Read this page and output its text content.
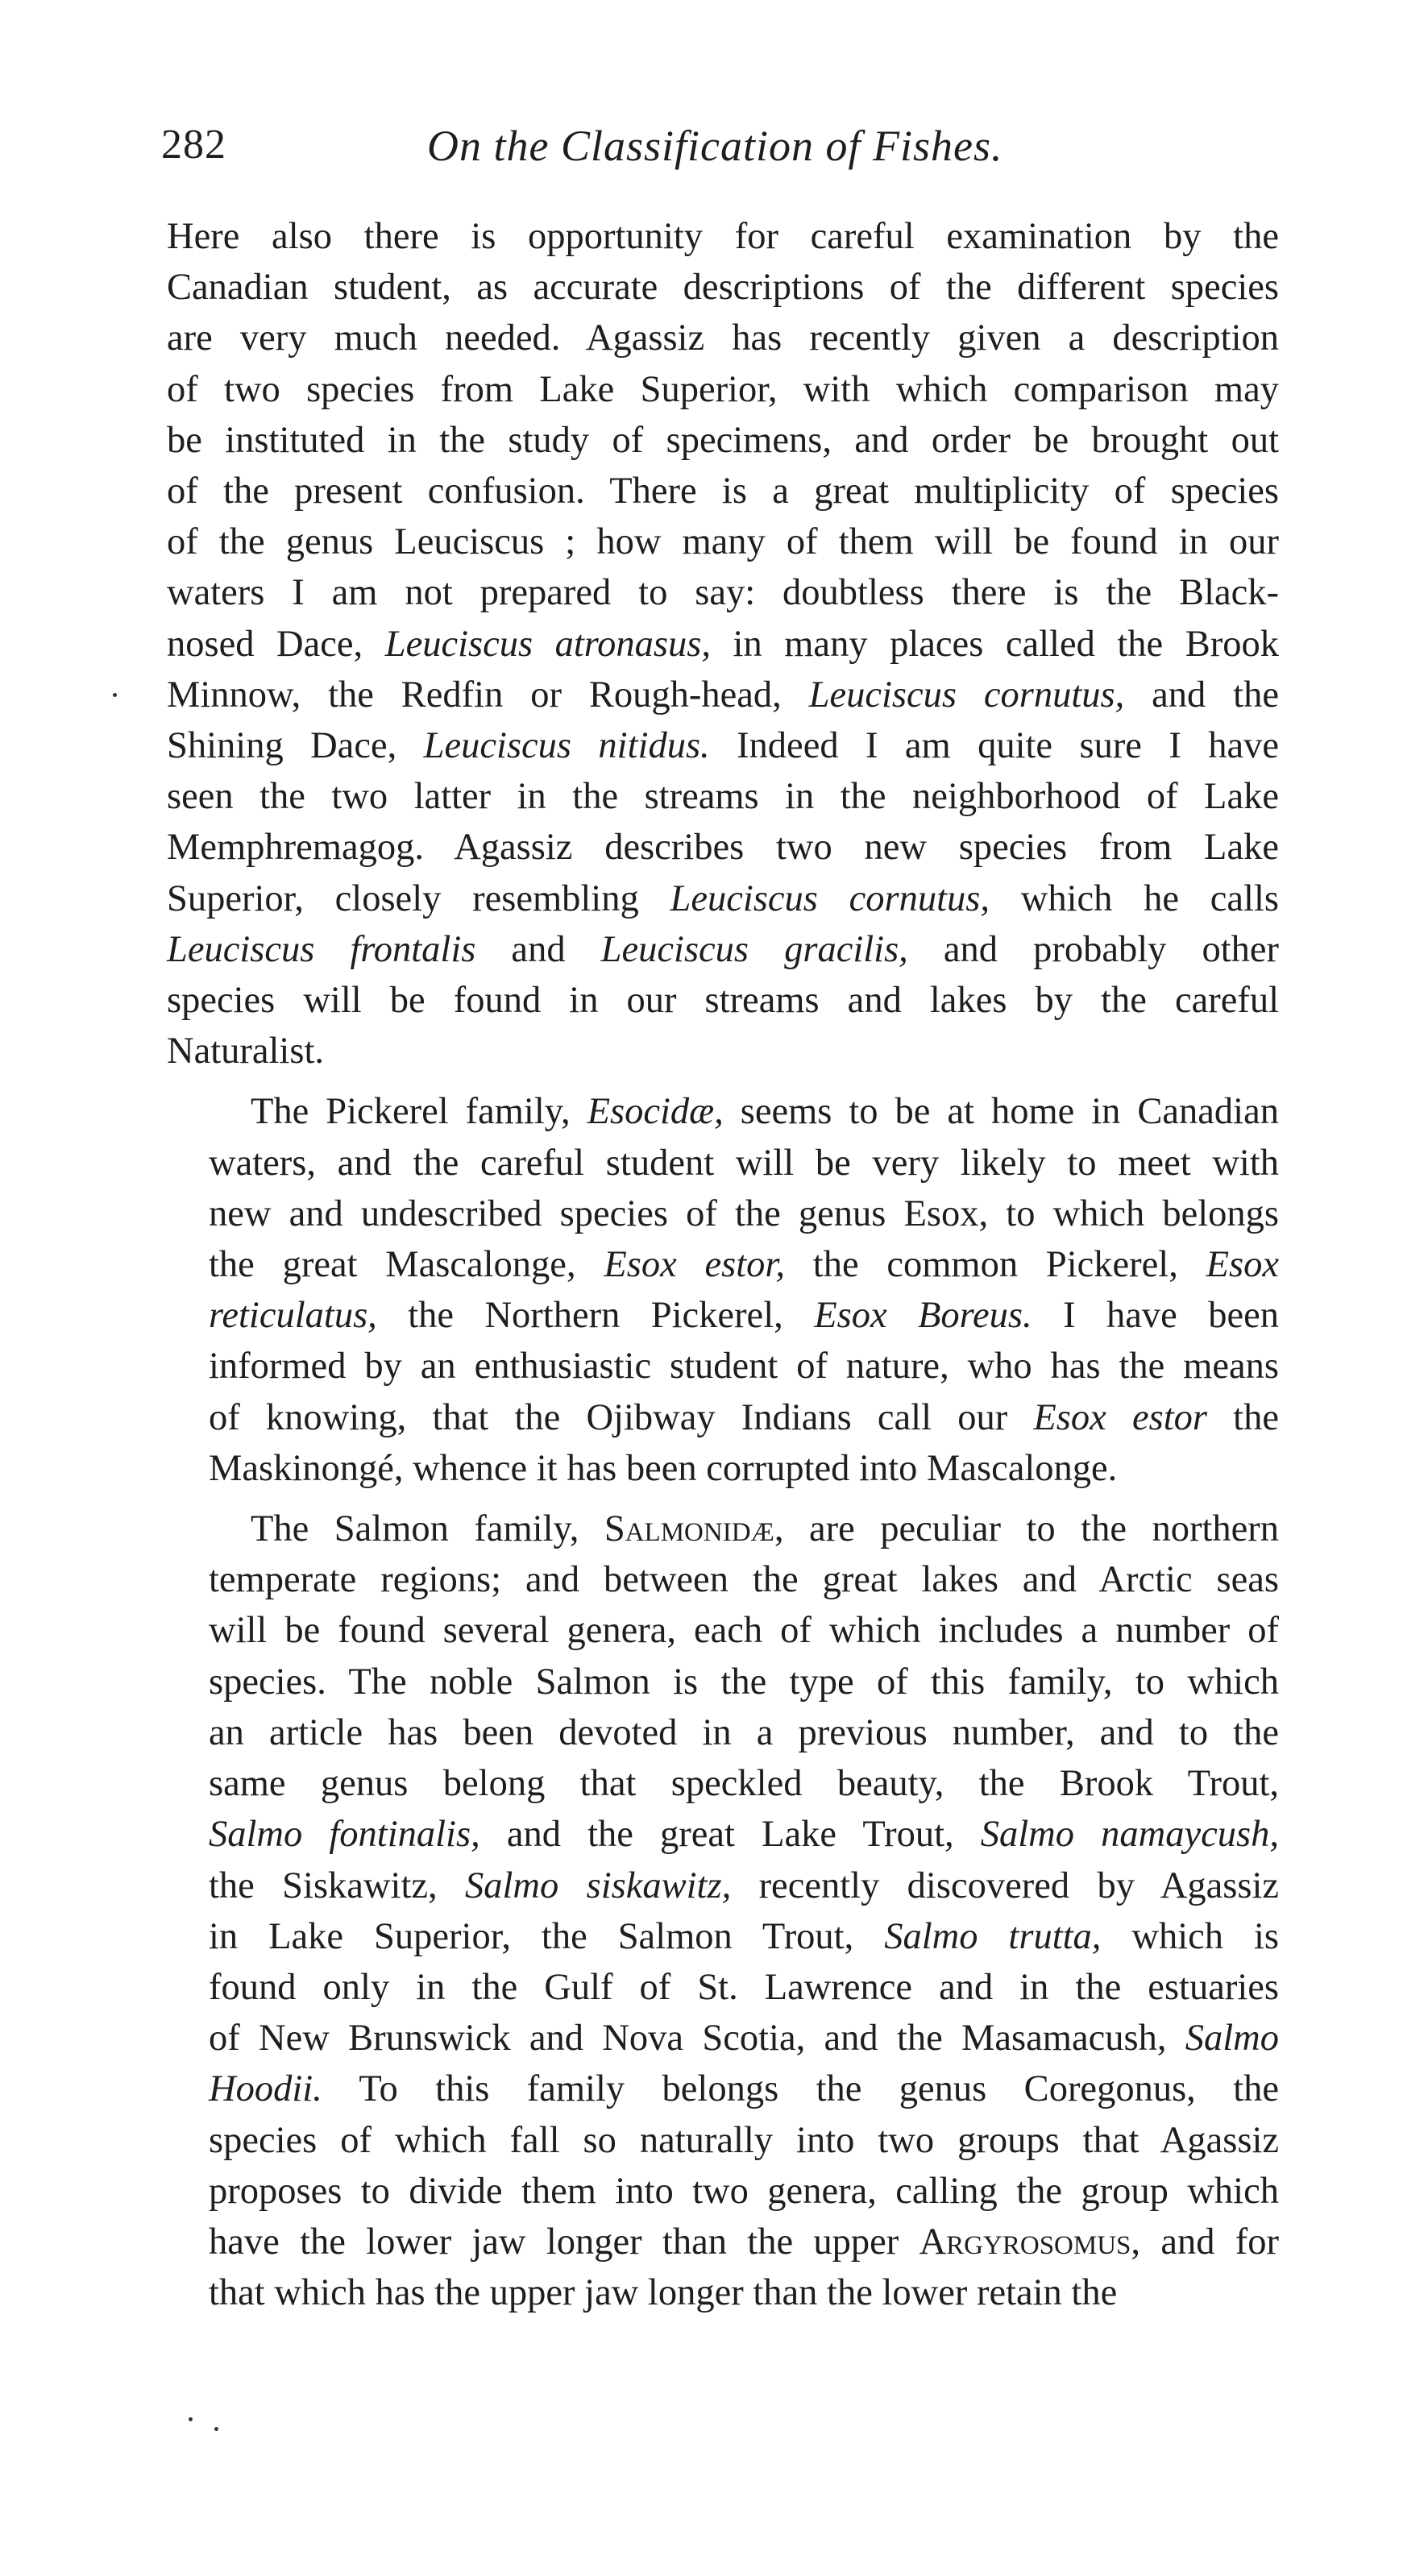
282	On the Classification of Fishes.
Here also there is opportunity for careful examination by the
Canadian student, as accurate descriptions of the different species
are very much needed. Agassiz has recently given a description
of two species from Lake Superior, with which comparison may
be instituted in the study of specimens, and order be brought out
of the present confusion. There is a great multiplicity of species
of the genus Leuciscus ; how many of them will be found in our
waters I am not prepared to say: doubtless there is the Black-
nosed Dace, Leuciscus atronasus, in many places called the Brook
Minnow, the Redfin or Rough-head, Leuciscus cornutus, and the
Shining Dace, Leuciscus nitidus. Indeed I am quite sure I have
seen the two latter in the streams in the neighborhood of Lake
Memphremagog. Agassiz describes two new species from Lake
Superior, closely resembling Leuciscus cornutus, which he calls
Leuciscus frontalis and Leuciscus gracilis, and probably other
species will be found in our streams and lakes by the careful
Naturalist.
The Pickerel family, Esocidæ, seems to be at home in Canadian
waters, and the careful student will be very likely to meet with
new and undescribed species of the genus Esox, to which belongs
the great Mascalonge, Esox estor, the common Pickerel, Esox
reticulatus, the Northern Pickerel, Esox Boreus. I have been
informed by an enthusiastic student of nature, who has the means
of knowing, that the Ojibway Indians call our Esox estor the
Maskinongé, whence it has been corrupted into Mascalonge.
The Salmon family, Salmonidæ, are peculiar to the northern
temperate regions; and between the great lakes and Arctic seas
will be found several genera, each of which includes a number of
species. The noble Salmon is the type of this family, to which
an article has been devoted in a previous number, and to the
same genus belong that speckled beauty, the Brook Trout,
Salmo fontinalis, and the great Lake Trout, Salmo namaycush,
the Siskawitz, Salmo siskawitz, recently discovered by Agassiz
in Lake Superior, the Salmon Trout, Salmo trutta, which is
found only in the Gulf of St. Lawrence and in the estuaries
of New Brunswick and Nova Scotia, and the Masamacush, Salmo
Hoodii. To this family belongs the genus Coregonus, the
species of which fall so naturally into two groups that Agassiz
proposes to divide them into two genera, calling the group which
have the lower jaw longer than the upper Argyrosomus, and for
that which has the upper jaw longer than the lower retain the
